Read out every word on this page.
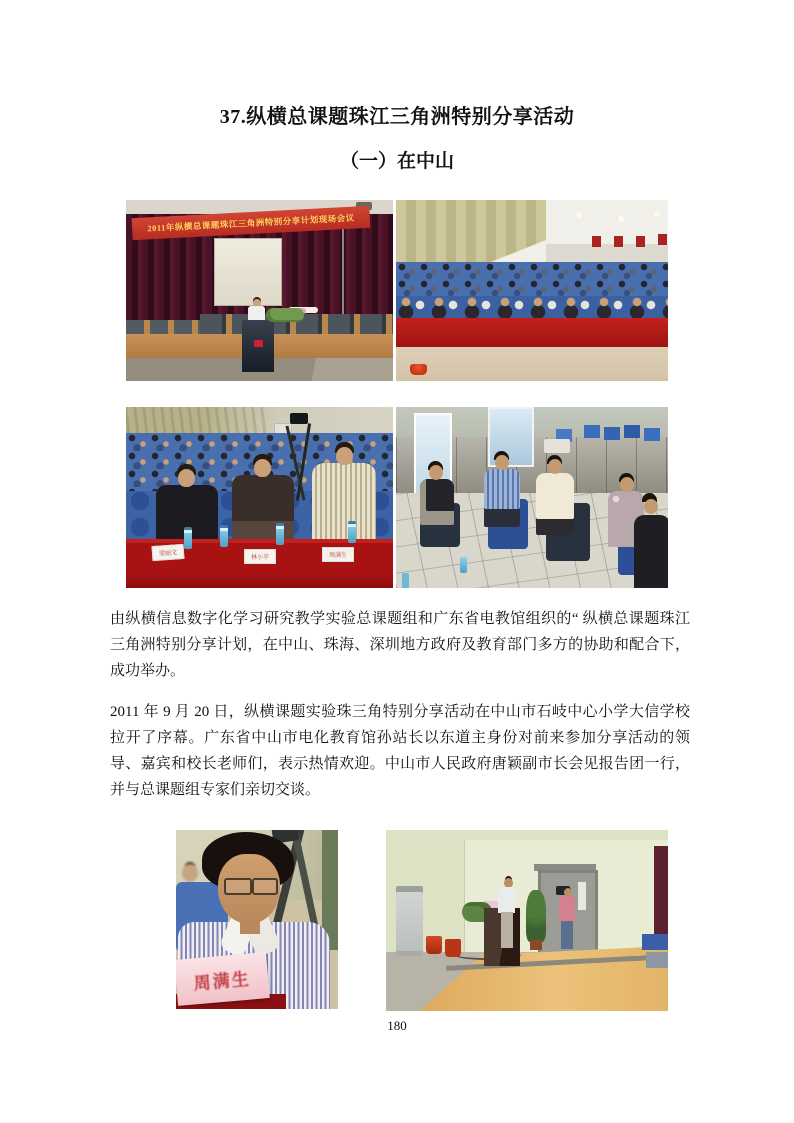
37.纵横总课题珠江三角洲特别分享活动
（一）在中山
2011年纵横总课题珠江三角洲特别分享计划现场会议
梁丽文
林小苹	周满生

由纵横信息数字化学习研究教学实验总课题组和广东省电教馆组织的“ 纵横总课题珠江三角洲特别分享计划，在中山、珠海、深圳地方政府及教育部门多方的协助和配合下，成功举办。

2011 年 9 月 20 日，纵横课题实验珠三角特别分享活动在中山市石岐中心小学大信学校拉开了序幕。广东省中山市电化教育馆孙站长以东道主身份对前来参加分享活动的领导、嘉宾和校长老师们，表示热情欢迎。中山市人民政府唐颖副市长会见报告团一行，并与总课题组专家们亲切交谈。

周满生
180
